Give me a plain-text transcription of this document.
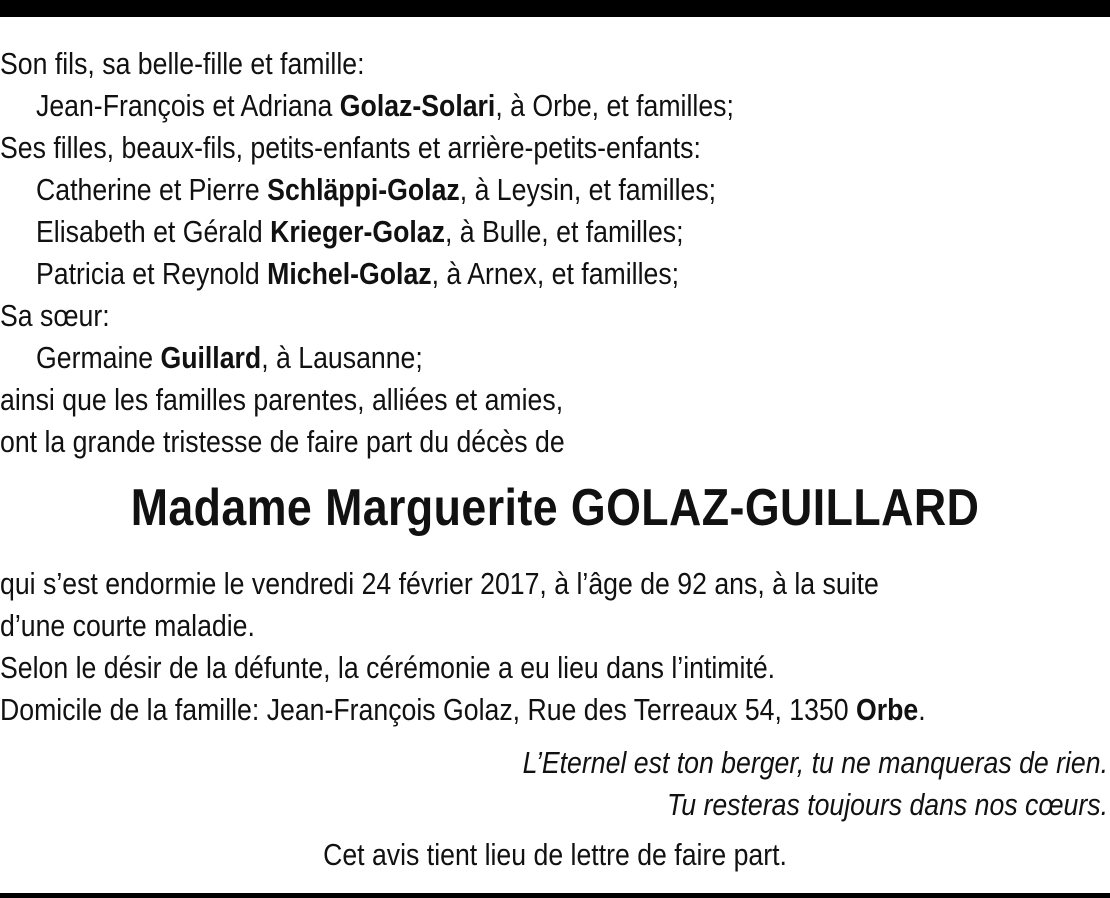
Son fils, sa belle-fille et famille:
Jean-François et Adriana Golaz-Solari, à Orbe, et familles;
Ses filles, beaux-fils, petits-enfants et arrière-petits-enfants:
Catherine et Pierre Schläppi-Golaz, à Leysin, et familles;
Elisabeth et Gérald Krieger-Golaz, à Bulle, et familles;
Patricia et Reynold Michel-Golaz, à Arnex, et familles;
Sa sœur:
Germaine Guillard, à Lausanne;
ainsi que les familles parentes, alliées et amies,
ont la grande tristesse de faire part du décès de
Madame Marguerite GOLAZ-GUILLARD
qui s’est endormie le vendredi 24 février 2017, à l’âge de 92 ans, à la suite
d’une courte maladie.
Selon le désir de la défunte, la cérémonie a eu lieu dans l’intimité.
Domicile de la famille: Jean-François Golaz, Rue des Terreaux 54, 1350 Orbe.
L’Eternel est ton berger, tu ne manqueras de rien.
Tu resteras toujours dans nos cœurs.
Cet avis tient lieu de lettre de faire part.
